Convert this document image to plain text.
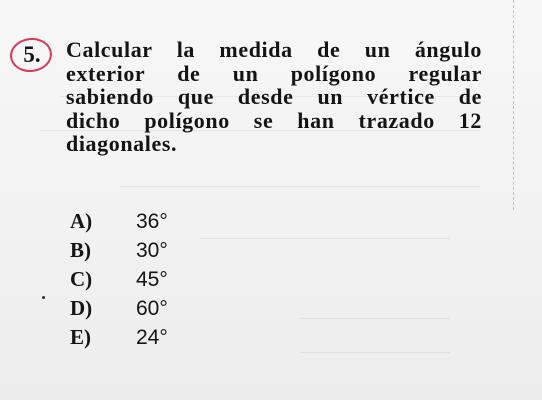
5. Calcular la medida de un ángulo
exterior de un polígono regular
sabiendo que desde un vértice de
dicho polígono se han trazado 12
diagonales.
A)	36°
B)	30°
C)	45°
D)	60°
E)	24°
